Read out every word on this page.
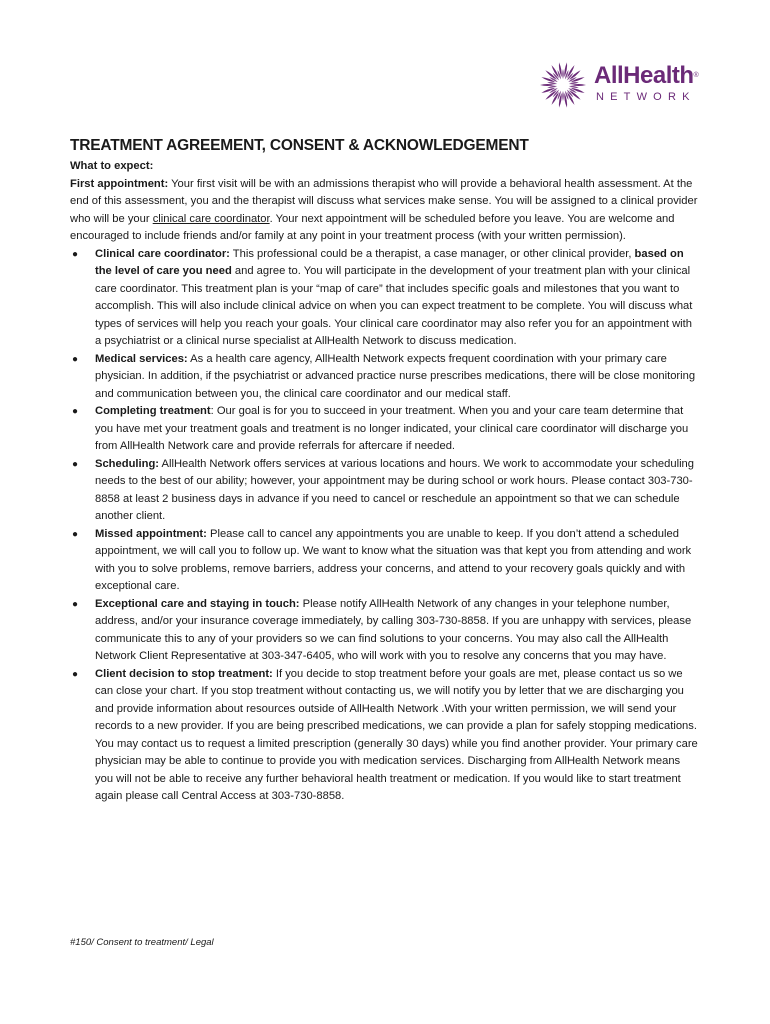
AllHealth®
NETWORK
TREATMENT AGREEMENT, CONSENT & ACKNOWLEDGEMENT
What to expect:

First appointment: Your first visit will be with an admissions therapist who will provide a behavioral health assessment. At the end of this assessment, you and the therapist will discuss what services make sense. You will be assigned to a clinical provider who will be your clinical care coordinator. Your next appointment will be scheduled before you leave. You are welcome and encouraged to include friends and/or family at any point in your treatment process (with your written permission).

● Clinical care coordinator: This professional could be a therapist, a case manager, or other clinical provider, based on the level of care you need and agree to. You will participate in the development of your treatment plan with your clinical care coordinator. This treatment plan is your “map of care” that includes specific goals and milestones that you want to accomplish. This will also include clinical advice on when you can expect treatment to be complete. You will discuss what types of services will help you reach your goals. Your clinical care coordinator may also refer you for an appointment with a psychiatrist or a clinical nurse specialist at AllHealth Network to discuss medication.
● Medical services: As a health care agency, AllHealth Network expects frequent coordination with your primary care physician. In addition, if the psychiatrist or advanced practice nurse prescribes medications, there will be close monitoring and communication between you, the clinical care coordinator and our medical staff.
● Completing treatment: Our goal is for you to succeed in your treatment. When you and your care team determine that you have met your treatment goals and treatment is no longer indicated, your clinical care coordinator will discharge you from AllHealth Network care and provide referrals for aftercare if needed.
● Scheduling: AllHealth Network offers services at various locations and hours. We work to accommodate your scheduling needs to the best of our ability; however, your appointment may be during school or work hours. Please contact 303-730-8858 at least 2 business days in advance if you need to cancel or reschedule an appointment so that we can schedule another client.
● Missed appointment: Please call to cancel any appointments you are unable to keep. If you don’t attend a scheduled appointment, we will call you to follow up. We want to know what the situation was that kept you from attending and work with you to solve problems, remove barriers, address your concerns, and attend to your recovery goals quickly and with exceptional care.
● Exceptional care and staying in touch: Please notify AllHealth Network of any changes in your telephone number, address, and/or your insurance coverage immediately, by calling 303-730-8858. If you are unhappy with services, please communicate this to any of your providers so we can find solutions to your concerns. You may also call the AllHealth Network Client Representative at 303-347-6405, who will work with you to resolve any concerns that you may have.
● Client decision to stop treatment: If you decide to stop treatment before your goals are met, please contact us so we can close your chart. If you stop treatment without contacting us, we will notify you by letter that we are discharging you and provide information about resources outside of AllHealth Network .With your written permission, we will send your records to a new provider. If you are being prescribed medications, we can provide a plan for safely stopping medications. You may contact us to request a limited prescription (generally 30 days) while you find another provider. Your primary care physician may be able to continue to provide you with medication services. Discharging from AllHealth Network means you will not be able to receive any further behavioral health treatment or medication. If you would like to start treatment again please call Central Access at 303-730-8858.
#150/ Consent to treatment/ Legal
